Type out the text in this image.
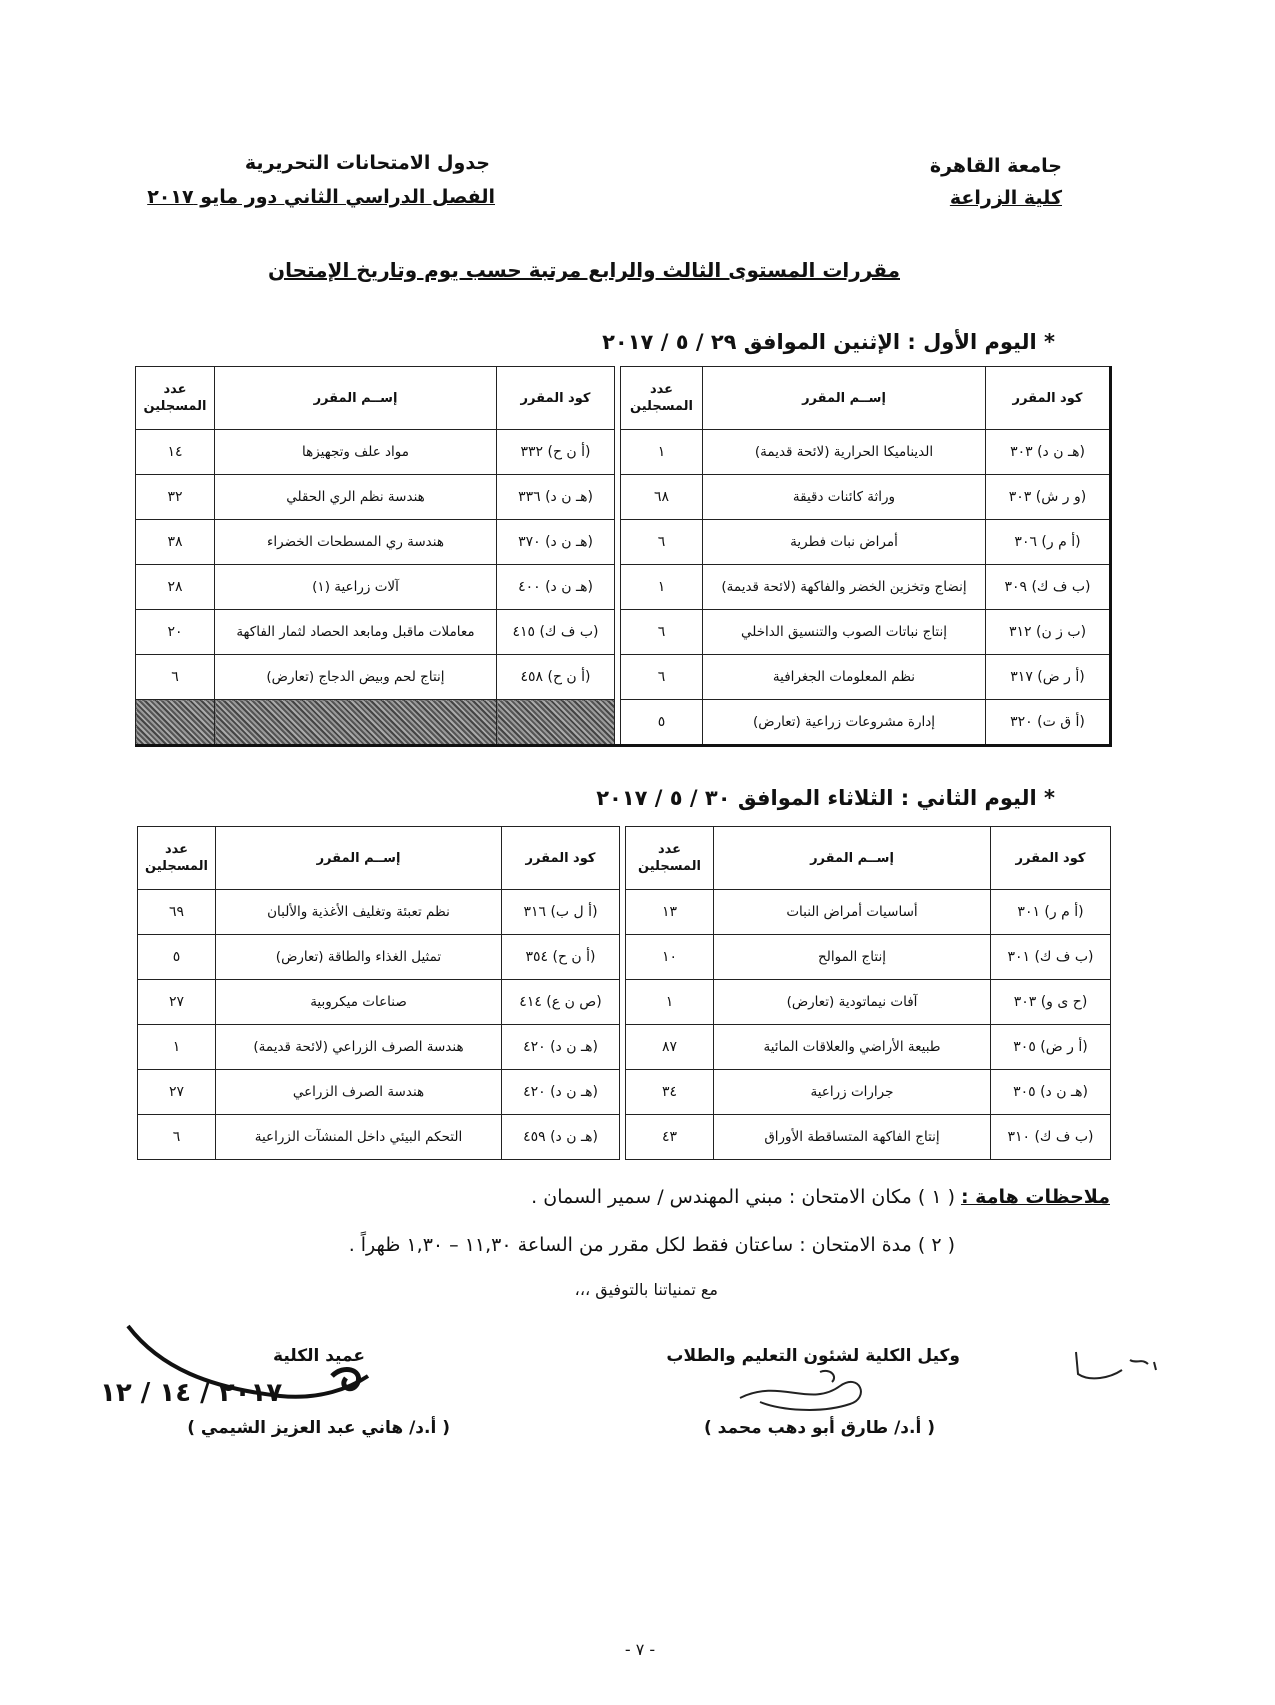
جامعة القاهرة
كلية الزراعة
جدول الامتحانات التحريرية
الفصل الدراسي الثاني دور مايو ٢٠١٧
مقررات المستوى الثالث والرابع مرتبة حسب يوم وتاريخ الإمتحان
* اليوم الأول : الإثنين الموافق ٢٩ / ٥ / ٢٠١٧
كود المقرر	إســم المقرر	عدد المسجلين		كود المقرر	إســم المقرر	عدد المسجلين
(هـ ن د) ٣٠٣	الديناميكا الحرارية (لائحة قديمة)	١		(أ ن ح) ٣٣٢	مواد علف وتجهيزها	١٤
(و ر ش) ٣٠٣	وراثة كائنات دقيقة	٦٨		(هـ ن د) ٣٣٦	هندسة نظم الري الحقلي	٣٢
(أ م ر) ٣٠٦	أمراض نبات فطرية	٦		(هـ ن د) ٣٧٠	هندسة ري المسطحات الخضراء	٣٨
(ب ف ك) ٣٠٩	إنضاج وتخزين الخضر والفاكهة (لائحة قديمة)	١		(هـ ن د) ٤٠٠	آلات زراعية (١)	٢٨
(ب ز ن) ٣١٢	إنتاج نباتات الصوب والتنسيق الداخلي	٦		(ب ف ك) ٤١٥	معاملات ماقبل ومابعد الحصاد لثمار الفاكهة	٢٠
(أ ر ض) ٣١٧	نظم المعلومات الجغرافية	٦		(أ ن ح) ٤٥٨	إنتاج لحم وبيض الدجاج (تعارض)	٦
(أ ق ت) ٣٢٠	إدارة مشروعات زراعية (تعارض)	٥				
* اليوم الثاني : الثلاثاء الموافق ٣٠ / ٥ / ٢٠١٧
كود المقرر	إســم المقرر	عدد المسجلين		كود المقرر	إســم المقرر	عدد المسجلين
(أ م ر) ٣٠١	أساسيات أمراض النبات	١٣		(أ ل ب) ٣١٦	نظم تعبئة وتغليف الأغذية والألبان	٦٩
(ب ف ك) ٣٠١	إنتاج الموالح	١٠		(أ ن ح) ٣٥٤	تمثيل الغذاء والطاقة (تعارض)	٥
(ح ى و) ٣٠٣	آفات نيماتودية (تعارض)	١		(ص ن ع) ٤١٤	صناعات ميكروبية	٢٧
(أ ر ض) ٣٠٥	طبيعة الأراضي والعلاقات المائية	٨٧		(هـ ن د) ٤٢٠	هندسة الصرف الزراعي (لائحة قديمة)	١
(هـ ن د) ٣٠٥	جرارات زراعية	٣٤		(هـ ن د) ٤٢٠	هندسة الصرف الزراعي	٢٧
(ب ف ك) ٣١٠	إنتاج الفاكهة المتساقطة الأوراق	٤٣		(هـ ن د) ٤٥٩	التحكم البيئي داخل المنشآت الزراعية	٦
ملاحظات هامة :
( ١ ) مكان الامتحان : مبني المهندس / سمير السمان .
( ٢ ) مدة الامتحان : ساعتان فقط لكل مقرر من الساعة ١١,٣٠ – ١,٣٠ ظهراً .
مع تمنياتنا بالتوفيق ،،،
وكيل الكلية لشئون التعليم والطلاب
( أ.د/ طارق أبو دهب محمد )
عميد الكلية
( أ.د/ هاني عبد العزيز الشيمي )
٢٠١٧ / ١٤ / ١٢
- ٧ -
